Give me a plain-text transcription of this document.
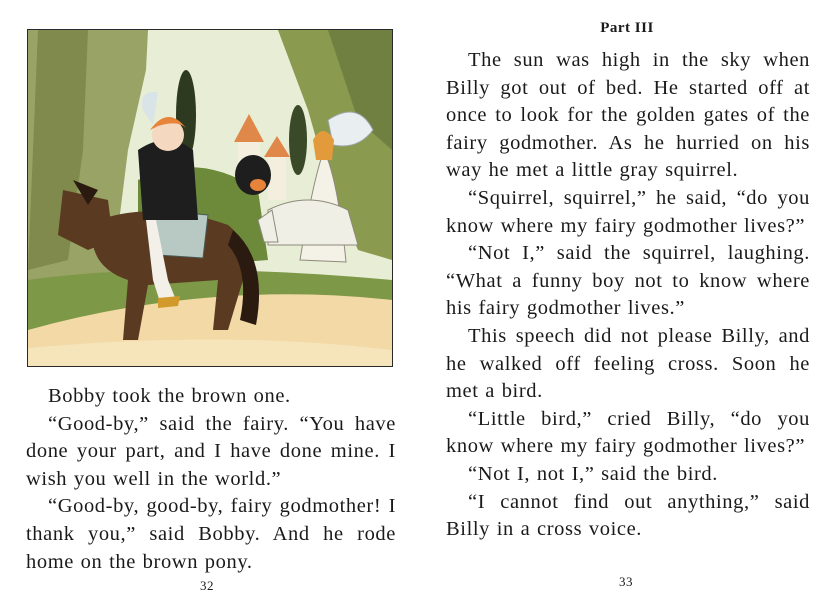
Bobby took the brown one.

“Good-by,” said the fairy. “You have done your part, and I have done mine. I wish you well in the world.”

“Good-by, good-by, fairy godmother! I thank you,” said Bobby. And he rode home on the brown pony.

32
Part III

The sun was high in the sky when Billy got out of bed. He started off at once to look for the golden gates of the fairy godmother. As he hurried on his way he met a little gray squirrel.

“Squirrel, squirrel,” he said, “do you know where my fairy godmother lives?”

“Not I,” said the squirrel, laughing. “What a funny boy not to know where his fairy godmother lives.”

This speech did not please Billy, and he walked off feeling cross. Soon he met a bird.

“Little bird,” cried Billy, “do you know where my fairy godmother lives?”

“Not I, not I,” said the bird.

“I cannot find out anything,” said Billy in a cross voice.

33
